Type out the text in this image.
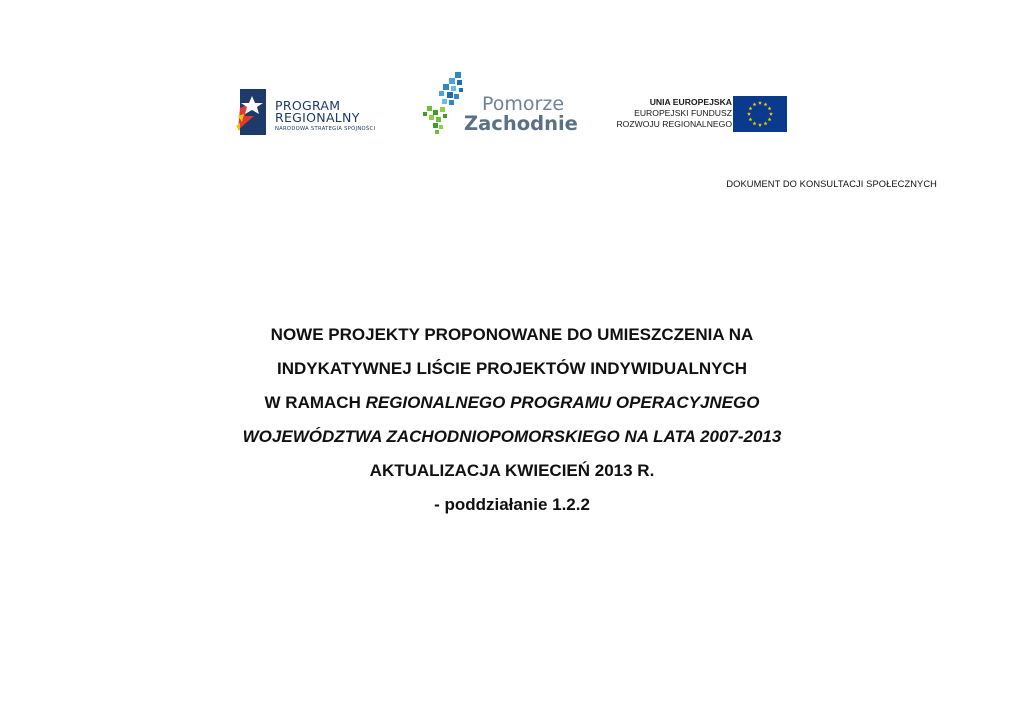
PROGRAM
REGIONALNY
NARODOWA STRATEGIA SPÓJNOŚCI
Pomorze
Zachodnie
UNIA EUROPEJSKA
EUROPEJSKI FUNDUSZ
ROZWOJU REGIONALNEGO
DOKUMENT DO KONSULTACJI SPOŁECZNYCH
NOWE PROJEKTY PROPONOWANE DO UMIESZCZENIA NA
INDYKATYWNEJ LIŚCIE PROJEKTÓW INDYWIDUALNYCH
W RAMACH REGIONALNEGO PROGRAMU OPERACYJNEGO
WOJEWÓDZTWA ZACHODNIOPOMORSKIEGO NA LATA 2007-2013
AKTUALIZACJA KWIECIEŃ 2013 R.
- poddziałanie 1.2.2
